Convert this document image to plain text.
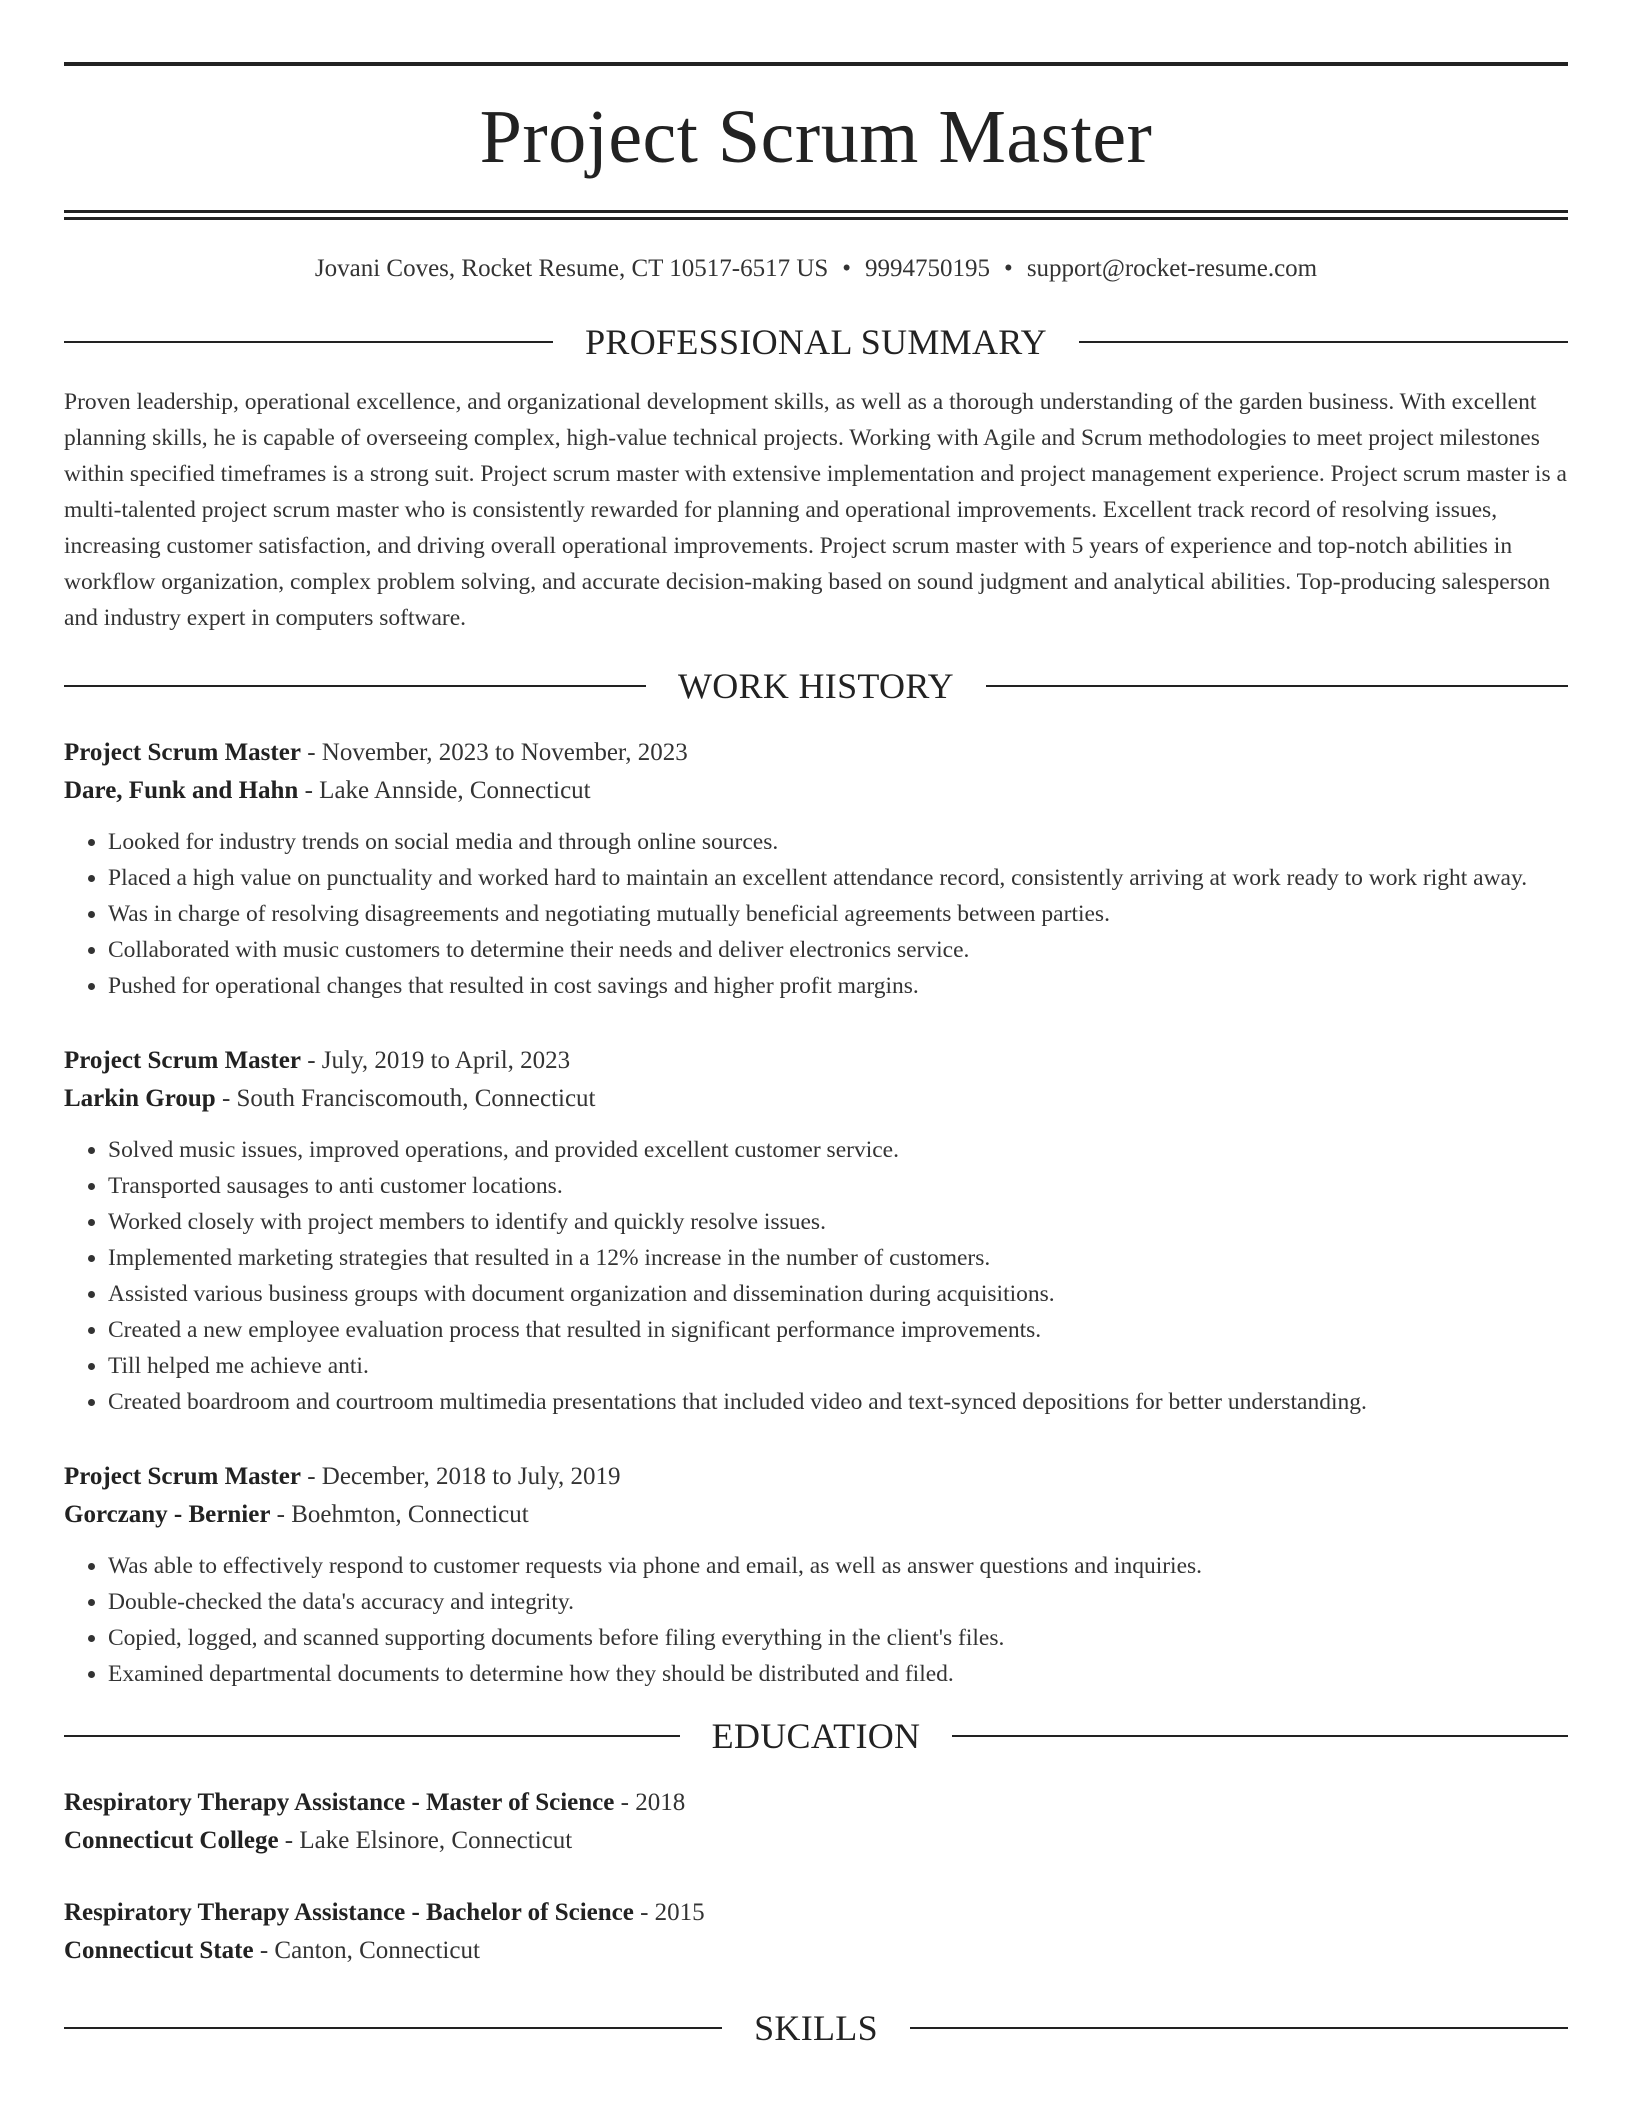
Project Scrum Master
Jovani Coves, Rocket Resume, CT 10517-6517 US • 9994750195 • support@rocket-resume.com
PROFESSIONAL SUMMARY

Proven leadership, operational excellence, and organizational development skills, as well as a thorough understanding of the garden business. With excellent planning skills, he is capable of overseeing complex, high-value technical projects. Working with Agile and Scrum methodologies to meet project milestones within specified timeframes is a strong suit. Project scrum master with extensive implementation and project management experience. Project scrum master is a multi-talented project scrum master who is consistently rewarded for planning and operational improvements. Excellent track record of resolving issues, increasing customer satisfaction, and driving overall operational improvements. Project scrum master with 5 years of experience and top-notch abilities in workflow organization, complex problem solving, and accurate decision-making based on sound judgment and analytical abilities. Top-producing salesperson and industry expert in computers software.

WORK HISTORY
Project Scrum Master - November, 2023 to November, 2023
Dare, Funk and Hahn - Lake Annside, Connecticut
• Looked for industry trends on social media and through online sources.
• Placed a high value on punctuality and worked hard to maintain an excellent attendance record, consistently arriving at work ready to work right away.
• Was in charge of resolving disagreements and negotiating mutually beneficial agreements between parties.
• Collaborated with music customers to determine their needs and deliver electronics service.
• Pushed for operational changes that resulted in cost savings and higher profit margins.
Project Scrum Master - July, 2019 to April, 2023
Larkin Group - South Franciscomouth, Connecticut
• Solved music issues, improved operations, and provided excellent customer service.
• Transported sausages to anti customer locations.
• Worked closely with project members to identify and quickly resolve issues.
• Implemented marketing strategies that resulted in a 12% increase in the number of customers.
• Assisted various business groups with document organization and dissemination during acquisitions.
• Created a new employee evaluation process that resulted in significant performance improvements.
• Till helped me achieve anti.
• Created boardroom and courtroom multimedia presentations that included video and text-synced depositions for better understanding.
Project Scrum Master - December, 2018 to July, 2019
Gorczany - Bernier - Boehmton, Connecticut
• Was able to effectively respond to customer requests via phone and email, as well as answer questions and inquiries.
• Double-checked the data's accuracy and integrity.
• Copied, logged, and scanned supporting documents before filing everything in the client's files.
• Examined departmental documents to determine how they should be distributed and filed.
EDUCATION
Respiratory Therapy Assistance - Master of Science - 2018
Connecticut College - Lake Elsinore, Connecticut
Respiratory Therapy Assistance - Bachelor of Science - 2015
Connecticut State - Canton, Connecticut
SKILLS
